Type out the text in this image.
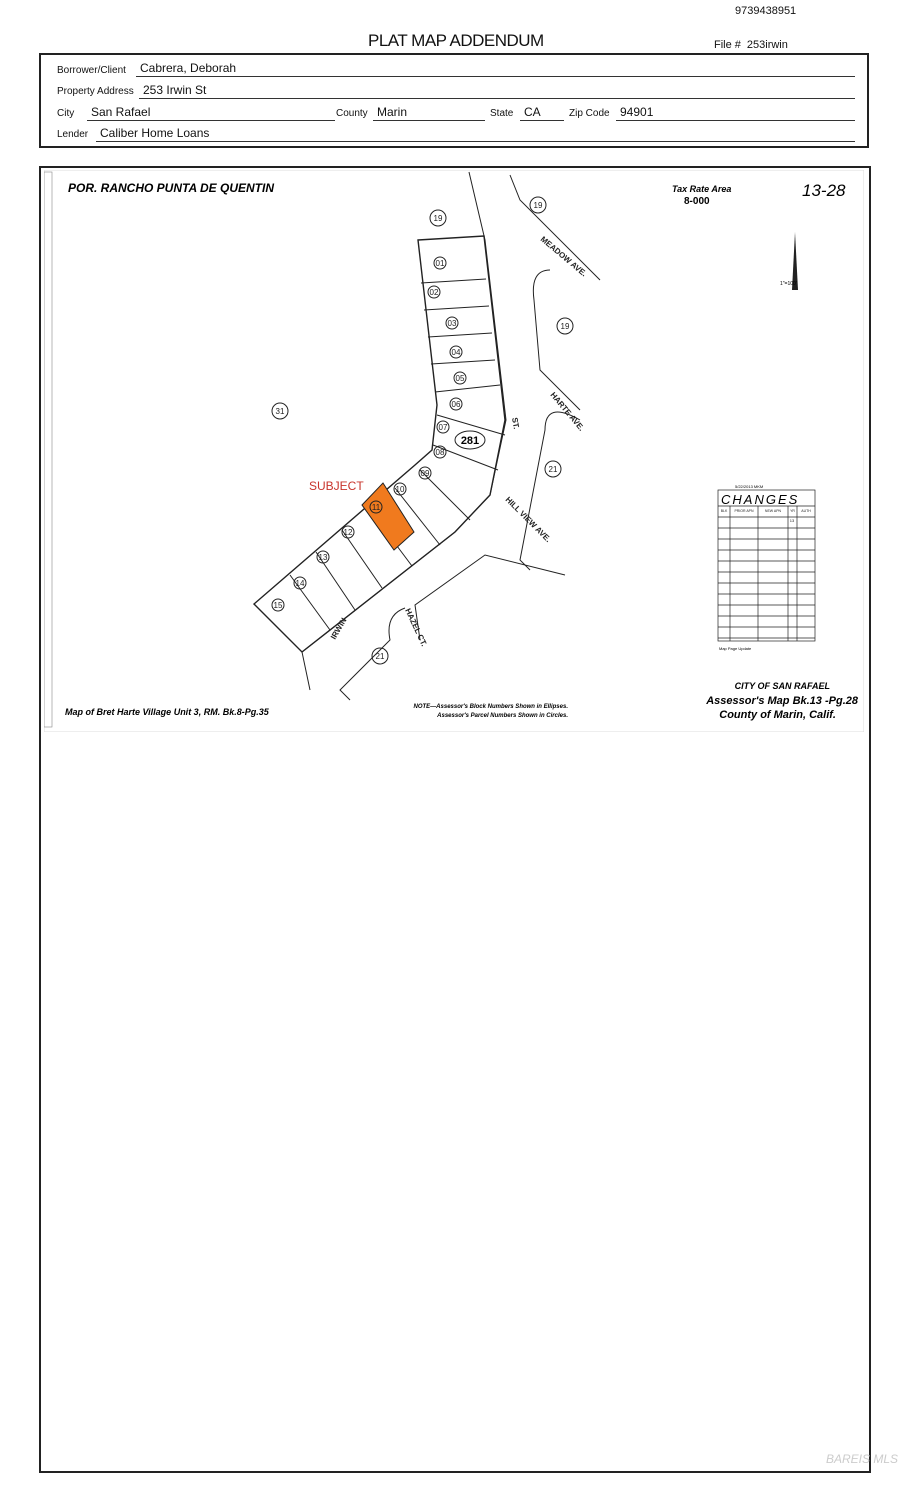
9739438951
PLAT MAP ADDENDUM	File # 253irwin
Borrower/Client	Cabrera, Deborah
Property Address 253 Irwin St
City	San Rafael	County Marin	State CA	Zip Code 94901
Lender Caliber Home Loans
281
01
02
03
04
05
06
07
08
09
10
11
12
13
14
15
19
19
19
31
21
21
POR. RANCHO PUNTA DE QUENTIN	Tax Rate Area
8-000
13-28
SUBJECT
MEADOW AVE.
HARTE AVE.
HILL VIEW AVE.
HAZEL CT.
IRWIN
ST.
1"=100'
5/22/2013 MKM
BLK PRIOR APN	NEW APN	YR AUTH
13
CHANGES
Map Page Update
Map of Bret Harte Village Unit 3, RM. Bk.8-Pg.35	NOTE—Assessor's Block Numbers Shown in Ellipses.
Assessor's Parcel Numbers Shown in Circles.
CITY OF SAN RAFAEL
Assessor's Map Bk.13 -Pg.28
County of Marin, Calif.
BAREIS MLS
